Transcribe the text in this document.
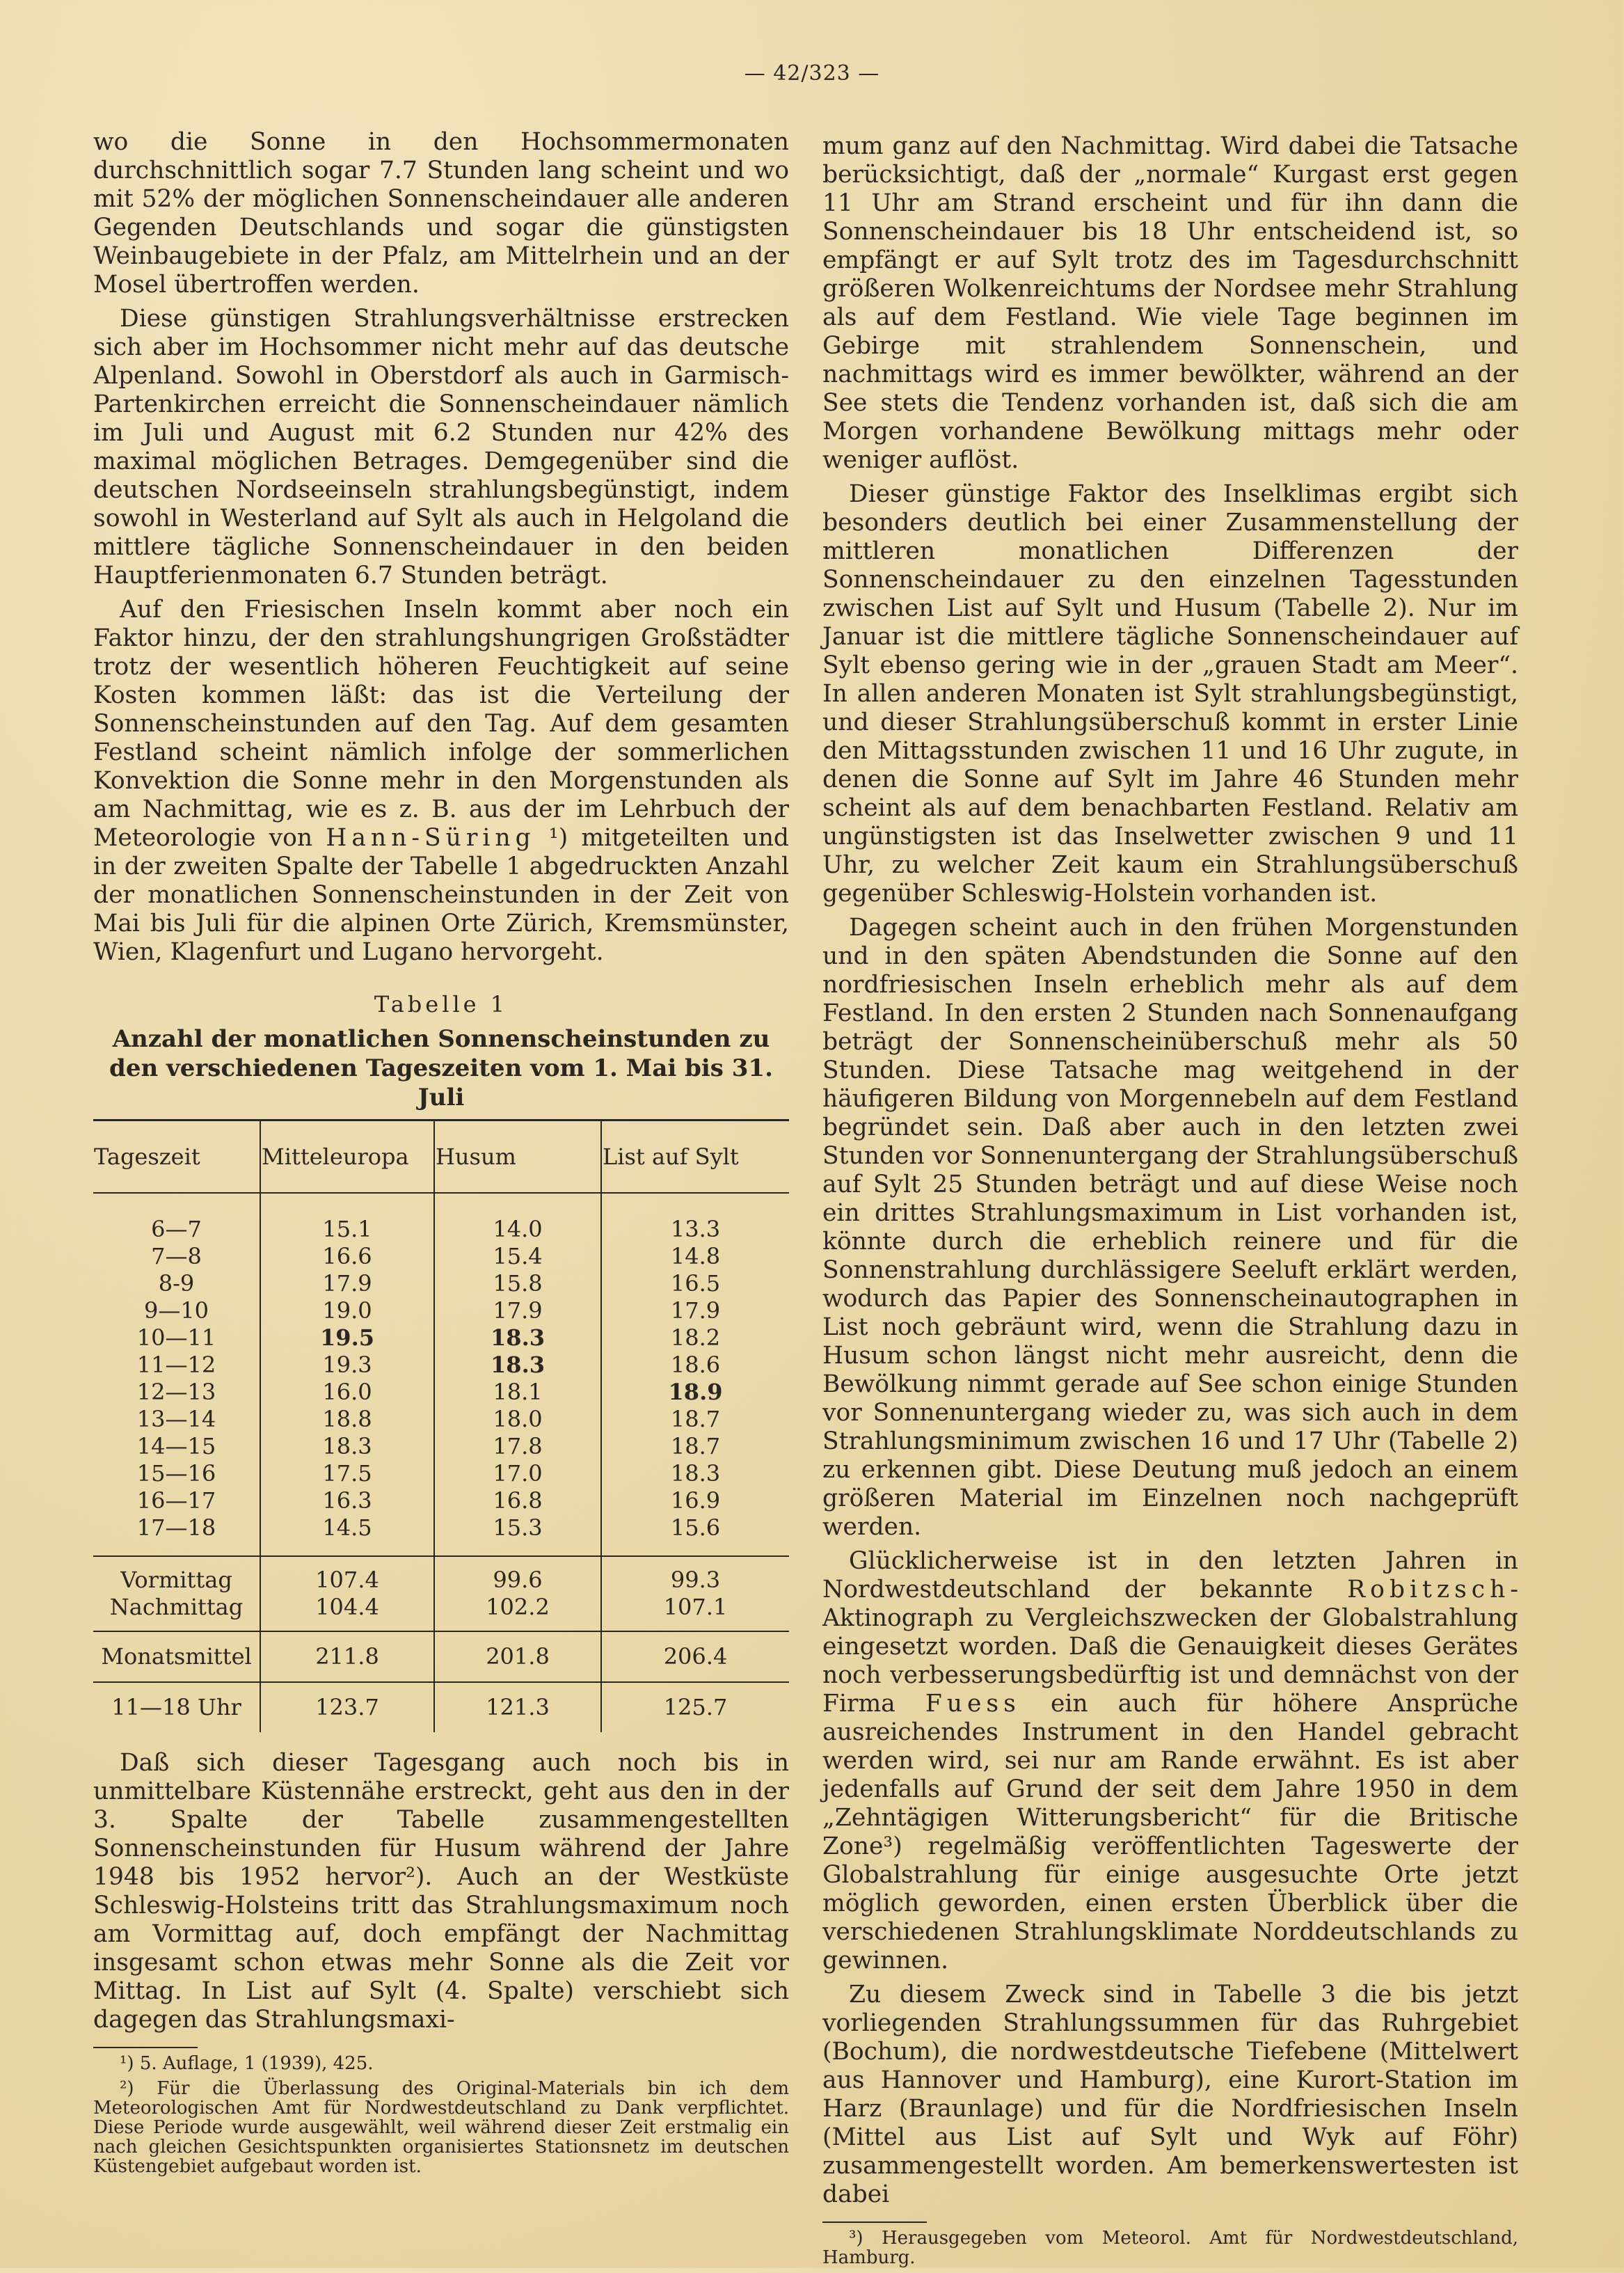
— 42/323 —

wo die Sonne in den Hochsommermonaten durchschnittlich sogar 7.7 Stunden lang scheint und wo mit 52% der möglichen Sonnenscheindauer alle anderen Gegenden Deutschlands und sogar die günstigsten Weinbaugebiete in der Pfalz, am Mittelrhein und an der Mosel übertroffen werden.

Diese günstigen Strahlungsverhältnisse erstrecken sich aber im Hochsommer nicht mehr auf das deutsche Alpenland. Sowohl in Oberstdorf als auch in Garmisch-Partenkirchen erreicht die Sonnenscheindauer nämlich im Juli und August mit 6.2 Stunden nur 42% des maximal möglichen Betrages. Demgegenüber sind die deutschen Nordseeinseln strahlungsbegünstigt, indem sowohl in Westerland auf Sylt als auch in Helgoland die mittlere tägliche Sonnenscheindauer in den beiden Hauptferienmonaten 6.7 Stunden beträgt.

Auf den Friesischen Inseln kommt aber noch ein Faktor hinzu, der den strahlungshungrigen Großstädter trotz der wesentlich höheren Feuchtigkeit auf seine Kosten kommen läßt: das ist die Verteilung der Sonnenscheinstunden auf den Tag. Auf dem gesamten Festland scheint nämlich infolge der sommerlichen Konvektion die Sonne mehr in den Morgenstunden als am Nachmittag, wie es z. B. aus der im Lehrbuch der Meteorologie von Hann-Süring ¹) mitgeteilten und in der zweiten Spalte der Tabelle 1 abgedruckten Anzahl der monatlichen Sonnenscheinstunden in der Zeit von Mai bis Juli für die alpinen Orte Zürich, Kremsmünster, Wien, Klagenfurt und Lugano hervorgeht.

Tabelle 1
Anzahl der monatlichen Sonnenscheinstunden zu den verschiedenen Tageszeiten vom 1. Mai bis 31. Juli
Tageszeit	Mitteleuropa	Husum	List auf Sylt
6—7	15.1	14.0	13.3
7—8	16.6	15.4	14.8
8-9	17.9	15.8	16.5
9—10	19.0	17.9	17.9
10—11	19.5	18.3	18.2
11—12	19.3	18.3	18.6
12—13	16.0	18.1	18.9
13—14	18.8	18.0	18.7
14—15	18.3	17.8	18.7
15—16	17.5	17.0	18.3
16—17	16.3	16.8	16.9
17—18	14.5	15.3	15.6
Vormittag	107.4	99.6	99.3
Nachmittag	104.4	102.2	107.1
Monatsmittel	211.8	201.8	206.4
11—18 Uhr	123.7	121.3	125.7

Daß sich dieser Tagesgang auch noch bis in unmittelbare Küstennähe erstreckt, geht aus den in der 3. Spalte der Tabelle zusammengestellten Sonnenscheinstunden für Husum während der Jahre 1948 bis 1952 hervor²). Auch an der Westküste Schleswig-Holsteins tritt das Strahlungsmaximum noch am Vormittag auf, doch empfängt der Nachmittag insgesamt schon etwas mehr Sonne als die Zeit vor Mittag. In List auf Sylt (4. Spalte) verschiebt sich dagegen das Strahlungsmaxi-

¹) 5. Auflage, 1 (1939), 425.

²) Für die Überlassung des Original-Materials bin ich dem Meteorologischen Amt für Nordwestdeutschland zu Dank verpflichtet. Diese Periode wurde ausgewählt, weil während dieser Zeit erstmalig ein nach gleichen Gesichtspunkten organisiertes Stationsnetz im deutschen Küstengebiet aufgebaut worden ist.

mum ganz auf den Nachmittag. Wird dabei die Tatsache berücksichtigt, daß der „normale“ Kurgast erst gegen 11 Uhr am Strand erscheint und für ihn dann die Sonnenscheindauer bis 18 Uhr entscheidend ist, so empfängt er auf Sylt trotz des im Tagesdurchschnitt größeren Wolkenreichtums der Nordsee mehr Strahlung als auf dem Festland. Wie viele Tage beginnen im Gebirge mit strahlendem Sonnenschein, und nachmittags wird es immer bewölkter, während an der See stets die Tendenz vorhanden ist, daß sich die am Morgen vorhandene Bewölkung mittags mehr oder weniger auflöst.

Dieser günstige Faktor des Inselklimas ergibt sich besonders deutlich bei einer Zusammenstellung der mittleren monatlichen Differenzen der Sonnenscheindauer zu den einzelnen Tagesstunden zwischen List auf Sylt und Husum (Tabelle 2). Nur im Januar ist die mittlere tägliche Sonnenscheindauer auf Sylt ebenso gering wie in der „grauen Stadt am Meer“. In allen anderen Monaten ist Sylt strahlungsbegünstigt, und dieser Strahlungsüberschuß kommt in erster Linie den Mittagsstunden zwischen 11 und 16 Uhr zugute, in denen die Sonne auf Sylt im Jahre 46 Stunden mehr scheint als auf dem benachbarten Festland. Relativ am ungünstigsten ist das Inselwetter zwischen 9 und 11 Uhr, zu welcher Zeit kaum ein Strahlungsüberschuß gegenüber Schleswig-Holstein vorhanden ist.

Dagegen scheint auch in den frühen Morgenstunden und in den späten Abendstunden die Sonne auf den nordfriesischen Inseln erheblich mehr als auf dem Festland. In den ersten 2 Stunden nach Sonnenaufgang beträgt der Sonnenscheinüberschuß mehr als 50 Stunden. Diese Tatsache mag weitgehend in der häufigeren Bildung von Morgennebeln auf dem Festland begründet sein. Daß aber auch in den letzten zwei Stunden vor Sonnenuntergang der Strahlungsüberschuß auf Sylt 25 Stunden beträgt und auf diese Weise noch ein drittes Strahlungsmaximum in List vorhanden ist, könnte durch die erheblich reinere und für die Sonnenstrahlung durchlässigere Seeluft erklärt werden, wodurch das Papier des Sonnenscheinautographen in List noch gebräunt wird, wenn die Strahlung dazu in Husum schon längst nicht mehr ausreicht, denn die Bewölkung nimmt gerade auf See schon einige Stunden vor Sonnenuntergang wieder zu, was sich auch in dem Strahlungsminimum zwischen 16 und 17 Uhr (Tabelle 2) zu erkennen gibt. Diese Deutung muß jedoch an einem größeren Material im Einzelnen noch nachgeprüft werden.

Glücklicherweise ist in den letzten Jahren in Nordwestdeutschland der bekannte Robitzsch-Aktinograph zu Vergleichszwecken der Globalstrahlung eingesetzt worden. Daß die Genauigkeit dieses Gerätes noch verbesserungsbedürftig ist und demnächst von der Firma Fuess ein auch für höhere Ansprüche ausreichendes Instrument in den Handel gebracht werden wird, sei nur am Rande erwähnt. Es ist aber jedenfalls auf Grund der seit dem Jahre 1950 in dem „Zehntägigen Witterungsbericht“ für die Britische Zone³) regelmäßig veröffentlichten Tageswerte der Globalstrahlung für einige ausgesuchte Orte jetzt möglich geworden, einen ersten Überblick über die verschiedenen Strahlungsklimate Norddeutschlands zu gewinnen.

Zu diesem Zweck sind in Tabelle 3 die bis jetzt vorliegenden Strahlungssummen für das Ruhrgebiet (Bochum), die nordwestdeutsche Tiefebene (Mittelwert aus Hannover und Hamburg), eine Kurort-Station im Harz (Braunlage) und für die Nordfriesischen Inseln (Mittel aus List auf Sylt und Wyk auf Föhr) zusammengestellt worden. Am bemerkenswertesten ist dabei

³) Herausgegeben vom Meteorol. Amt für Nordwestdeutschland, Hamburg.
